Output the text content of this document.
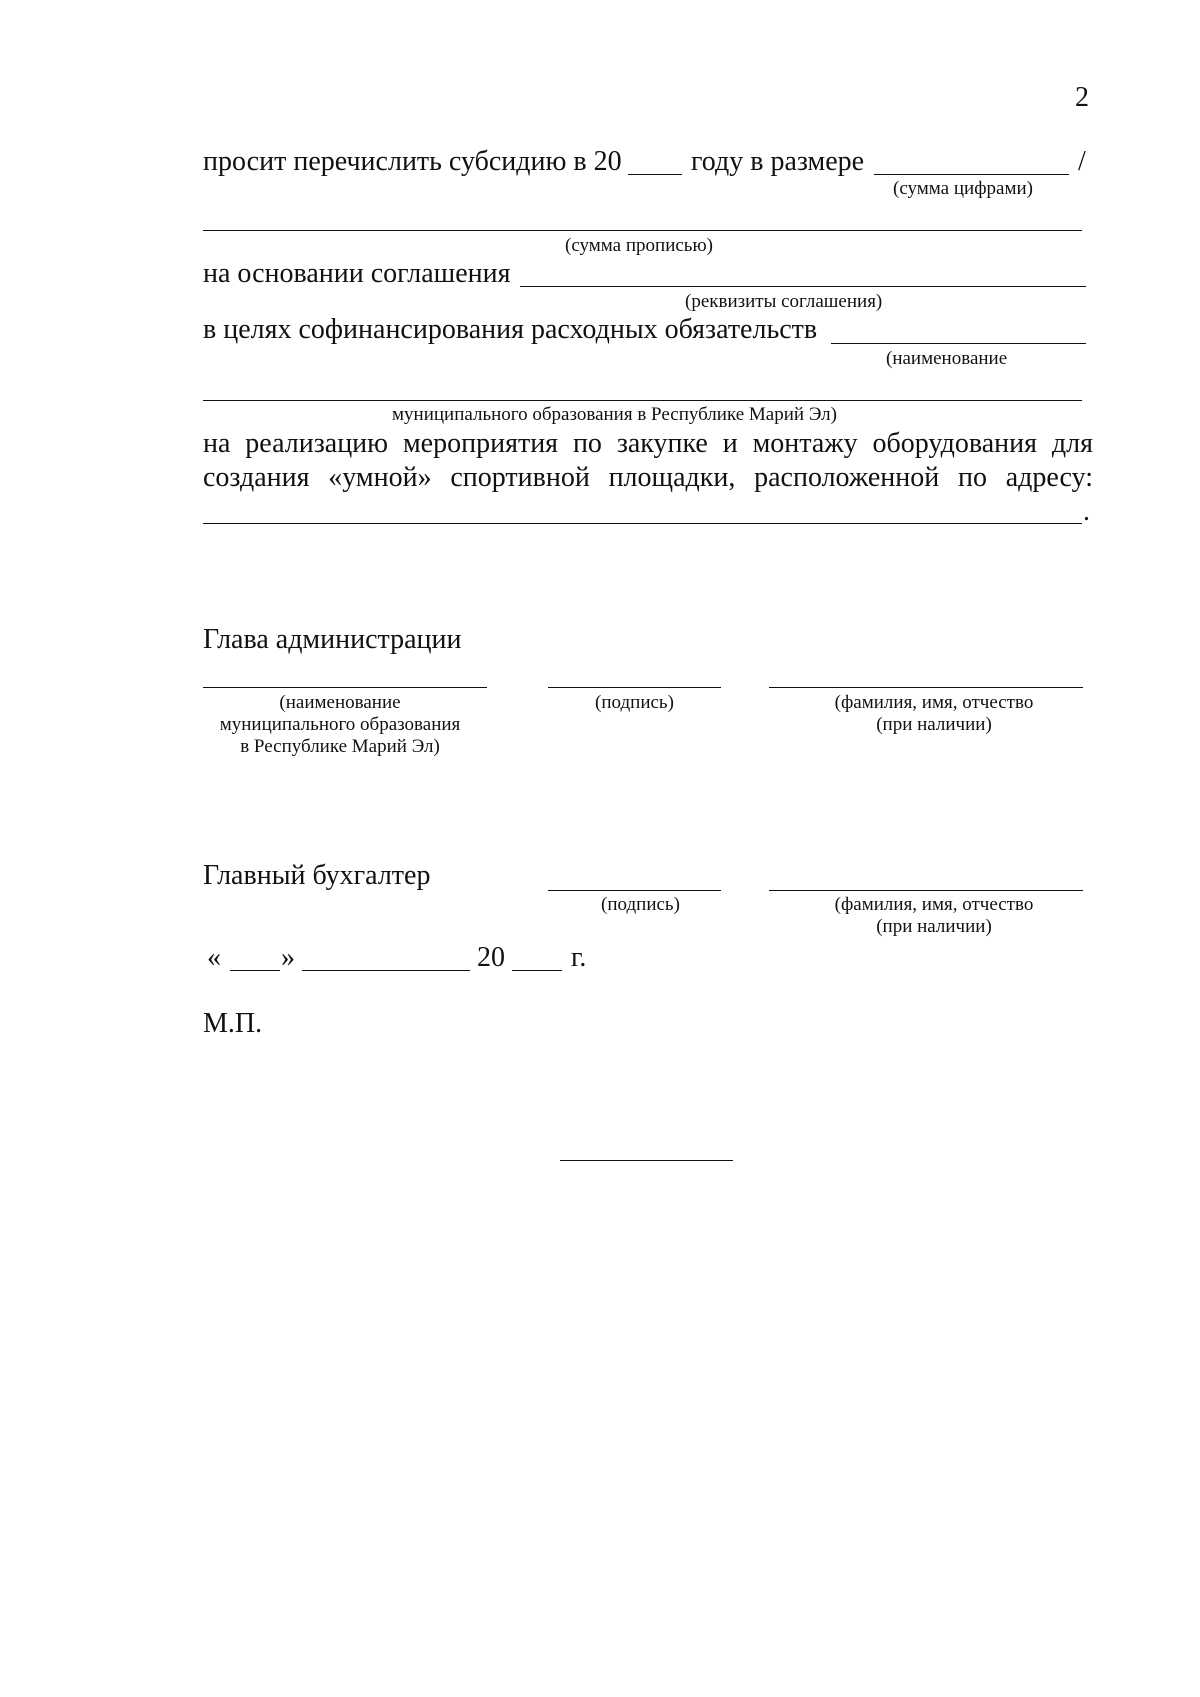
2
просит перечислить субсидию в 20 году в размере	/
(сумма цифрами)
(сумма прописью)
на основании соглашения
(реквизиты соглашения)
в целях софинансирования расходных обязательств
(наименование
муниципального образования в Республике Марий Эл)
на реализацию мероприятия по закупке и монтажу оборудования для
создания «умной» спортивной площадки, расположенной по адресу:
.
Глава администрации
(наименование
муниципального образования
в Республике Марий Эл)
(подпись)	(фамилия, имя, отчество
(при наличии)
Главный бухгалтер
(подпись)	(фамилия, имя, отчество
(при наличии)
« »	20 г.
М.П.
